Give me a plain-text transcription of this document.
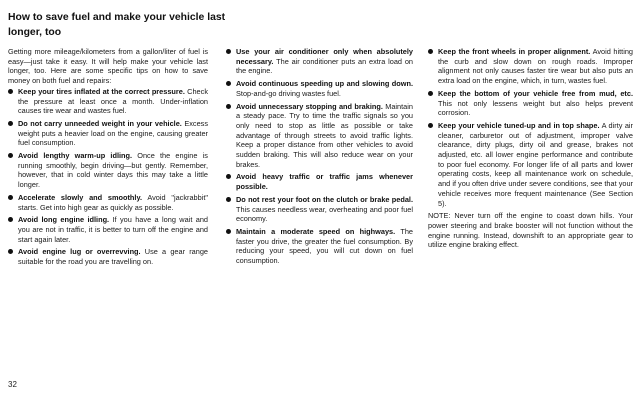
How to save fuel and make your vehicle last longer, too

Getting more mileage/kilometers from a gallon/liter of fuel is easy—just take it easy. It will help make your vehicle last longer, too. Here are some specific tips on how to save money on both fuel and repairs:

Keep your tires inflated at the correct pressure. Check the pressure at least once a month. Under-inflation causes tire wear and wastes fuel.
Do not carry unneeded weight in your vehicle. Excess weight puts a heavier load on the engine, causing greater fuel consumption.
Avoid lengthy warm-up idling. Once the engine is running smoothly, begin driving—but gently. Remember, however, that in cold winter days this may take a little longer.
Accelerate slowly and smoothly. Avoid "jackrabbit" starts. Get into high gear as quickly as possible.
Avoid long engine idling. If you have a long wait and you are not in traffic, it is better to turn off the engine and start again later.
Avoid engine lug or overrevving. Use a gear range suitable for the road you are travelling on.
Use your air conditioner only when absolutely necessary. The air conditioner puts an extra load on the engine.
Avoid continuous speeding up and slowing down. Stop-and-go driving wastes fuel.
Avoid unnecessary stopping and braking. Maintain a steady pace. Try to time the traffic signals so you only need to stop as little as possible or take advantage of through streets to avoid traffic lights. Keep a proper distance from other vehicles to avoid sudden braking. This will also reduce wear on your brakes.
Avoid heavy traffic or traffic jams whenever possible.
Do not rest your foot on the clutch or brake pedal. This causes needless wear, overheating and poor fuel economy.
Maintain a moderate speed on highways. The faster you drive, the greater the fuel consumption. By reducing your speed, you will cut down on fuel consumption.
Keep the front wheels in proper alignment. Avoid hitting the curb and slow down on rough roads. Improper alignment not only causes faster tire wear but also puts an extra load on the engine, which, in turn, wastes fuel.
Keep the bottom of your vehicle free from mud, etc. This not only lessens weight but also helps prevent corrosion.
Keep your vehicle tuned-up and in top shape. A dirty air cleaner, carburetor out of adjustment, improper valve clearance, dirty plugs, dirty oil and grease, brakes not adjusted, etc. all lower engine performance and contribute to poor fuel economy. For longer life of all parts and lower operating costs, keep all maintenance work on schedule, and if you often drive under severe conditions, see that your vehicle receives more frequent maintenance (See Section 5).

NOTE: Never turn off the engine to coast down hills. Your power steering and brake booster will not function without the engine running. Instead, downshift to an appropriate gear to utilize engine braking effect.

32
